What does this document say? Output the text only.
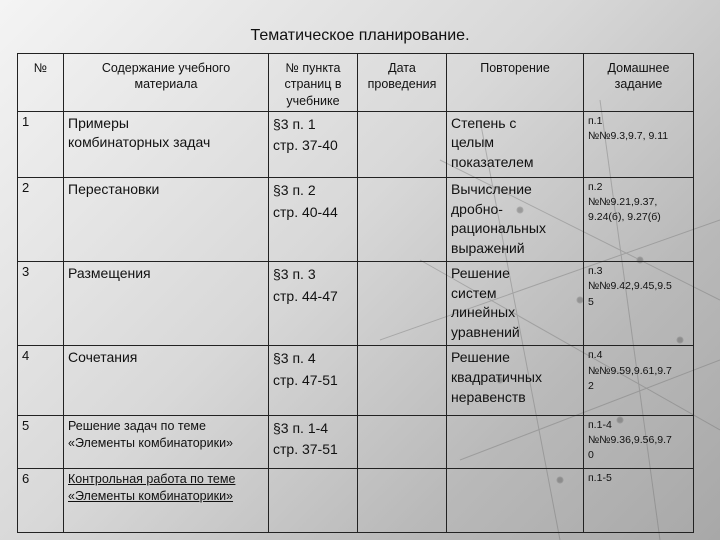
Тематическое планирование.
№	Содержание учебного
материала	№ пункта
страниц в
учебнике	Дата
проведения	Повторение	Домашнее
задание
1	Примеры
комбинаторных задач	§3 п. 1
стр. 37-40		Степень с
целым
показателем	п.1
№№9.3,9.7, 9.11
2	Перестановки	§3 п. 2
стр. 40-44		Вычисление
дробно-
рациональных
выражений	п.2
№№9.21,9.37,
9.24(б), 9.27(б)
3	Размещения	§3 п. 3
стр. 44-47		Решение
систем
линейных
уравнений	п.3
№№9.42,9.45,9.5
5
4	Сочетания	§3 п. 4
стр. 47-51		Решение
квадратичных
неравенств	п.4
№№9.59,9.61,9.7
2
5	Решение задач по теме
«Элементы комбинаторики»	§3 п. 1-4
стр. 37-51			п.1-4
№№9.36,9.56,9.7
0
6	Контрольная работа по теме
«Элементы комбинаторики»				п.1-5
